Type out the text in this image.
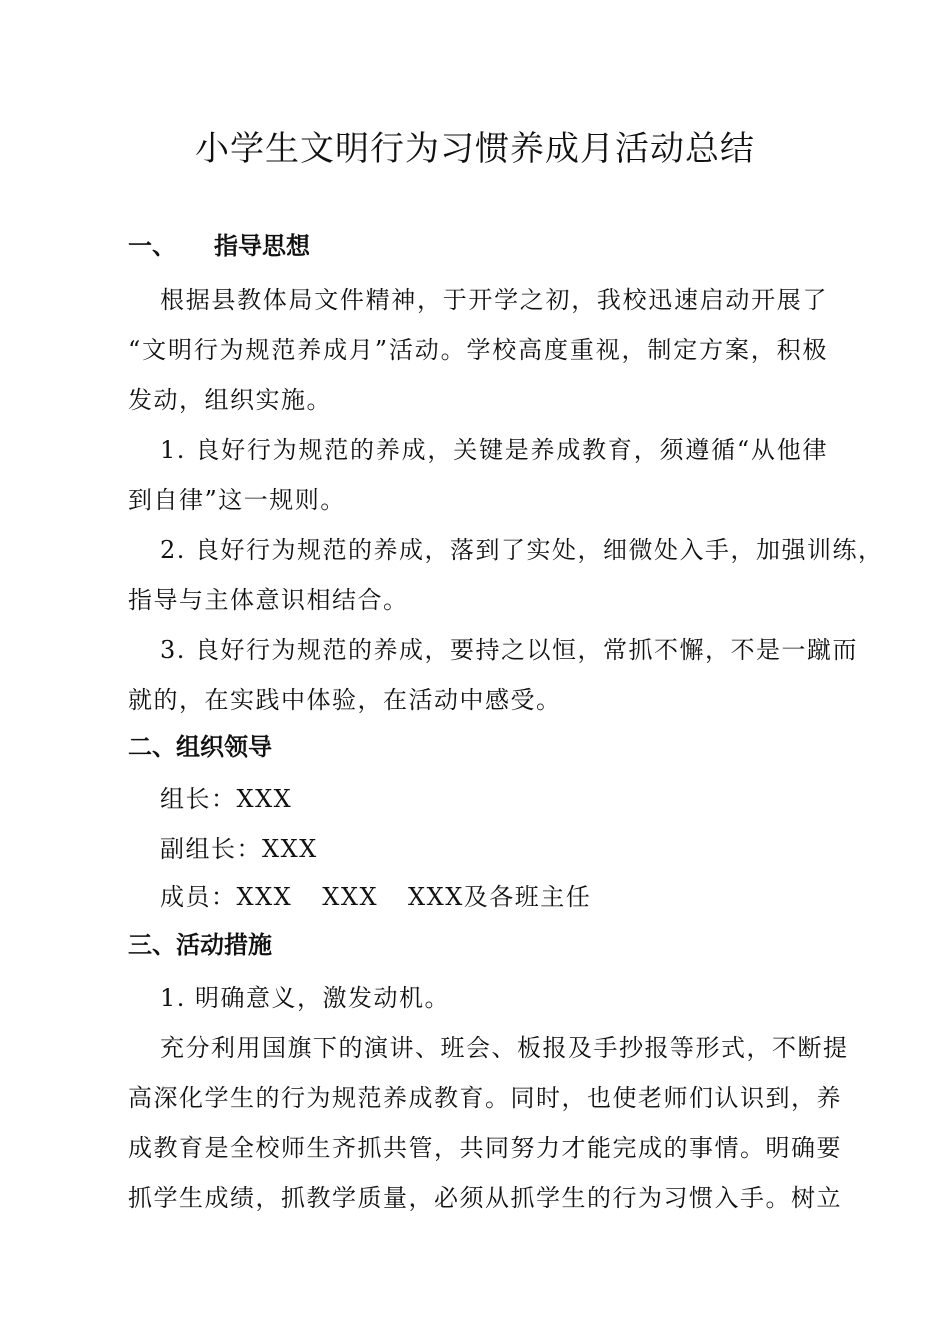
小学生文明行为习惯养成月活动总结
一、 指导思想
根据县教体局文件精神，于开学之初，我校迅速启动开展了
“文明行为规范养成月”活动。学校高度重视，制定方案，积极
发动，组织实施。
1. 良好行为规范的养成，关键是养成教育，须遵循“从他律
到自律”这一规则。
2. 良好行为规范的养成，落到了实处，细微处入手，加强训练，
指导与主体意识相结合。
3. 良好行为规范的养成，要持之以恒，常抓不懈，不是一蹴而
就的，在实践中体验，在活动中感受。
二、组织领导
组长：XXX
副组长：XXX
成员：XXX XXX XXX及各班主任
三、活动措施
1. 明确意义，激发动机。
充分利用国旗下的演讲、班会、板报及手抄报等形式，不断提
高深化学生的行为规范养成教育。同时，也使老师们认识到，养
成教育是全校师生齐抓共管，共同努力才能完成的事情。明确要
抓学生成绩，抓教学质量，必须从抓学生的行为习惯入手。树立
